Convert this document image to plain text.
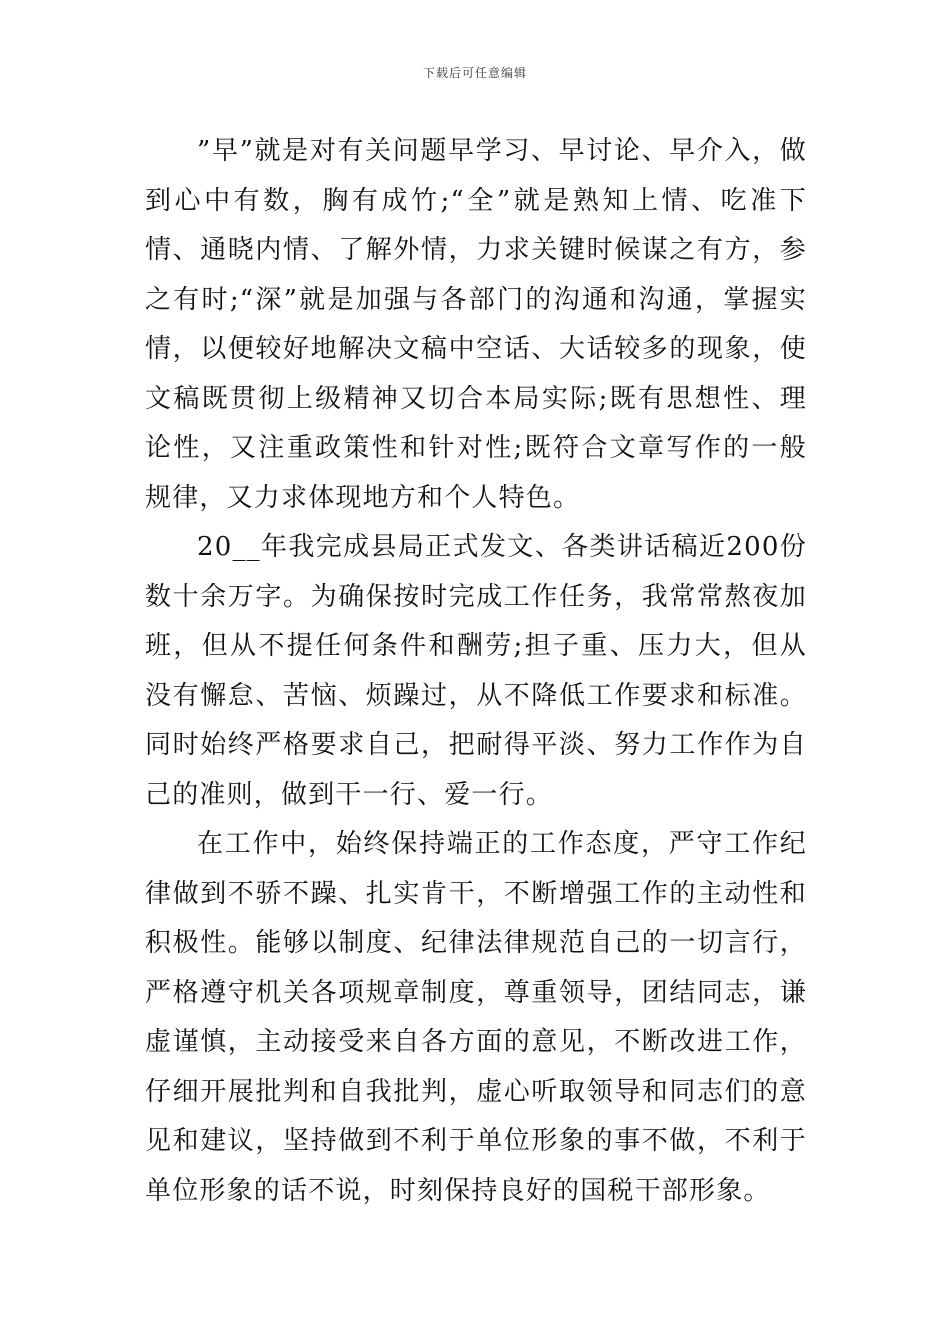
下载后可任意编辑

”早”就是对有关问题早学习、早讨论、早介入，做到心中有数，胸有成竹;“全”就是熟知上情、吃准下情、通晓内情、了解外情，力求关键时候谋之有方，参之有时;“深”就是加强与各部门的沟通和沟通，掌握实情，以便较好地解决文稿中空话、大话较多的现象，使文稿既贯彻上级精神又切合本局实际;既有思想性、理论性，又注重政策性和针对性;既符合文章写作的一般规律，又力求体现地方和个人特色。

20__年我完成县局正式发文、各类讲话稿近200份数十余万字。为确保按时完成工作任务，我常常熬夜加班，但从不提任何条件和酬劳;担子重、压力大，但从没有懈怠、苦恼、烦躁过，从不降低工作要求和标准。同时始终严格要求自己，把耐得平淡、努力工作作为自己的准则，做到干一行、爱一行。

在工作中，始终保持端正的工作态度，严守工作纪律做到不骄不躁、扎实肯干，不断增强工作的主动性和积极性。能够以制度、纪律法律规范自己的一切言行，严格遵守机关各项规章制度，尊重领导，团结同志，谦虚谨慎，主动接受来自各方面的意见，不断改进工作，仔细开展批判和自我批判，虚心听取领导和同志们的意见和建议，坚持做到不利于单位形象的事不做，不利于单位形象的话不说，时刻保持良好的国税干部形象。
